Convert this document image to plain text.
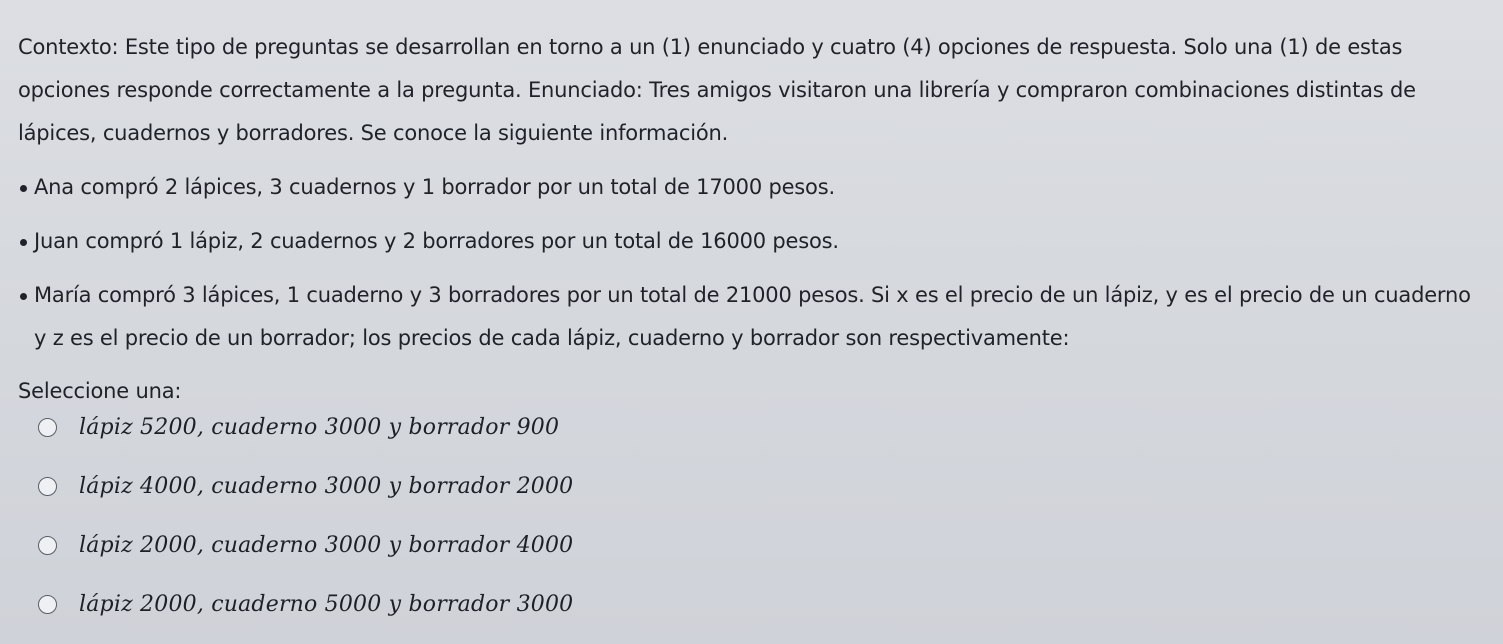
Contexto: Este tipo de preguntas se desarrollan en torno a un (1) enunciado y cuatro (4) opciones de respuesta. Solo una (1) de estas opciones responde correctamente a la pregunta. Enunciado: Tres amigos visitaron una librería y compraron combinaciones distintas de lápices, cuadernos y borradores. Se conoce la siguiente información.

Ana compró 2 lápices, 3 cuadernos y 1 borrador por un total de 17000 pesos.
Juan compró 1 lápiz, 2 cuadernos y 2 borradores por un total de 16000 pesos.
María compró 3 lápices, 1 cuaderno y 3 borradores por un total de 21000 pesos. Si x es el precio de un lápiz, y es el precio de un cuaderno y z es el precio de un borrador; los precios de cada lápiz, cuaderno y borrador son respectivamente:

Seleccione una:

lápiz 5200, cuaderno 3000 y borrador 900
lápiz 4000, cuaderno 3000 y borrador 2000
lápiz 2000, cuaderno 3000 y borrador 4000
lápiz 2000, cuaderno 5000 y borrador 3000
